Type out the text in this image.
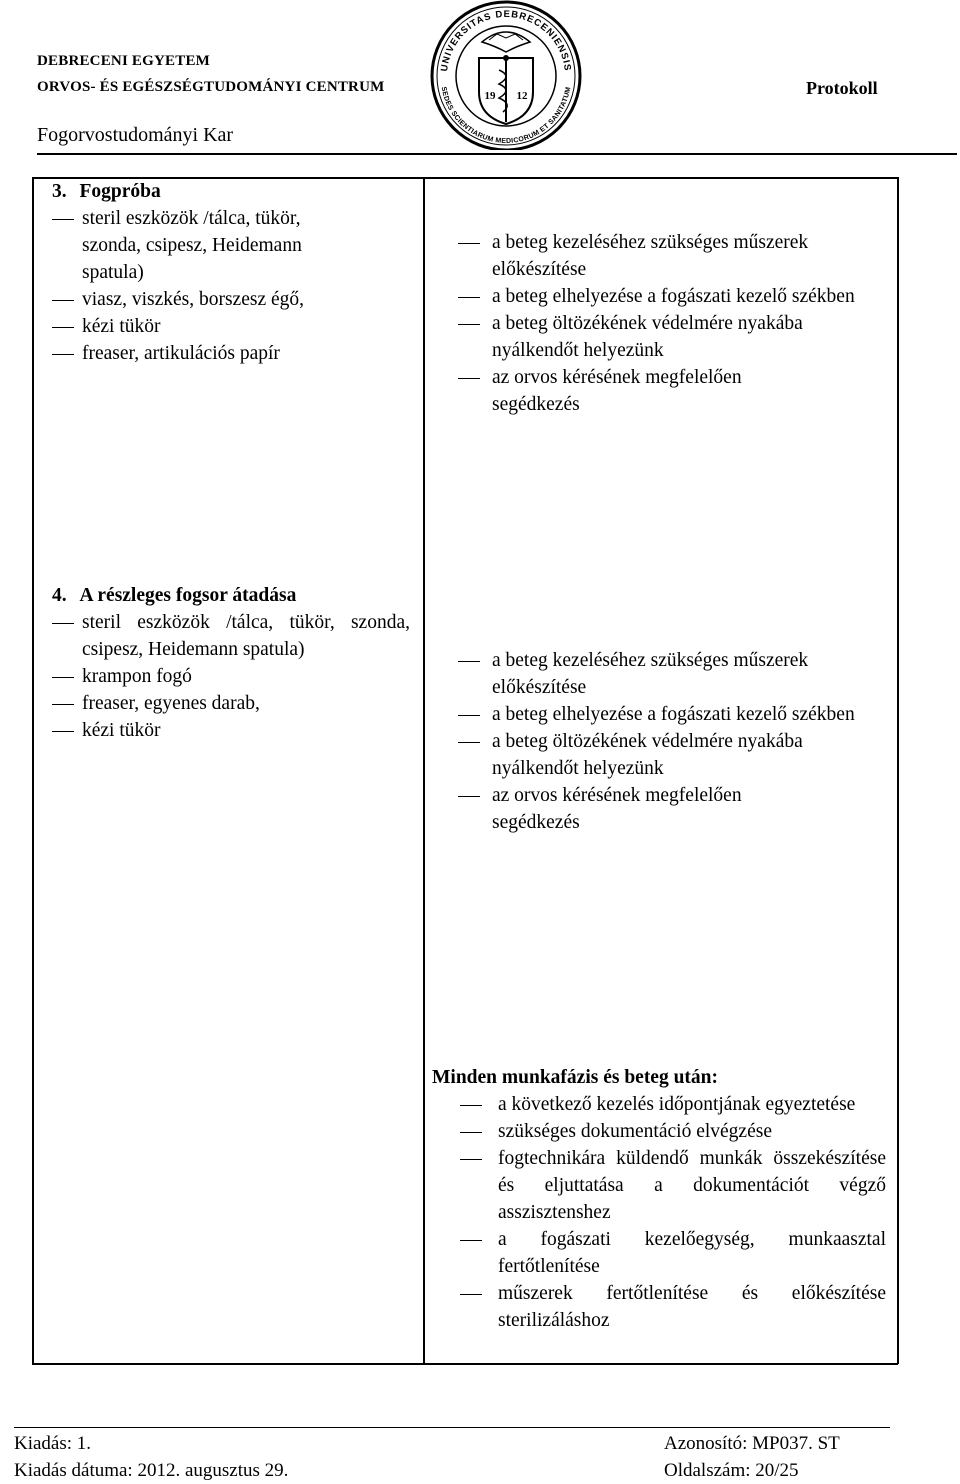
DEBRECENI EGYETEM
ORVOS- ÉS EGÉSZSÉGTUDOMÁNYI CENTRUM
Fogorvostudományi Kar
Protokoll
UNIVERSITAS DEBRECENIENSIS
SEDES SCIENTIARUM MEDICORUM ET SANITATUM
19 12
3. Fogpróba
steril eszközök /tálca, tükör, szonda, csipesz, Heidemann spatula)
viasz, viszkés, borszesz égő,
kézi tükör
freaser, artikulációs papír
a beteg kezeléséhez szükséges műszerek előkészítése
a beteg elhelyezése a fogászati kezelő székben
a beteg öltözékének védelmére nyakába nyálkendőt helyezünk
az orvos kérésének megfelelően segédkezés
4. A részleges fogsor átadása
steril eszközök /tálca, tükör, szonda, csipesz, Heidemann spatula)
krampon fogó
freaser, egyenes darab,
kézi tükör
a beteg kezeléséhez szükséges műszerek előkészítése
a beteg elhelyezése a fogászati kezelő székben
a beteg öltözékének védelmére nyakába nyálkendőt helyezünk
az orvos kérésének megfelelően segédkezés
Minden munkafázis és beteg után:
a következő kezelés időpontjának egyeztetése
szükséges dokumentáció elvégzése
fogtechnikára küldendő munkák összekészítése és eljuttatása a dokumentációt végző asszisztenshez
a fogászati kezelőegység, munkaasztal fertőtlenítése
műszerek fertőtlenítése és előkészítése sterilizáláshoz
Kiadás: 1.
Kiadás dátuma: 2012. augusztus 29.
Azonosító: MP037. ST
Oldalszám: 20/25
